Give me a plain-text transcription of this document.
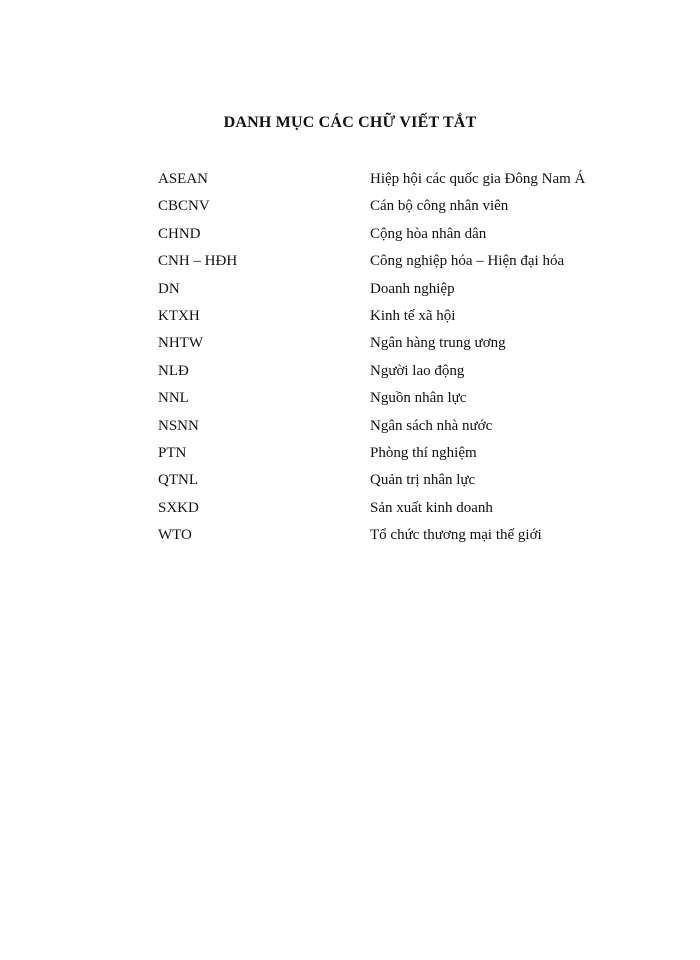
DANH MỤC CÁC CHỮ VIẾT TẮT
ASEAN	Hiệp hội các quốc gia Đông Nam Á
CBCNV	Cán bộ công nhân viên
CHND	Cộng hòa nhân dân
CNH – HĐH	Công nghiệp hóa – Hiện đại hóa
DN	Doanh nghiệp
KTXH	Kinh tế xã hội
NHTW	Ngân hàng trung ương
NLĐ	Người lao động
NNL	Nguồn nhân lực
NSNN	Ngân sách nhà nước
PTN	Phòng thí nghiệm
QTNL	Quản trị nhân lực
SXKD	Sản xuất kinh doanh
WTO	Tổ chức thương mại thế giới
